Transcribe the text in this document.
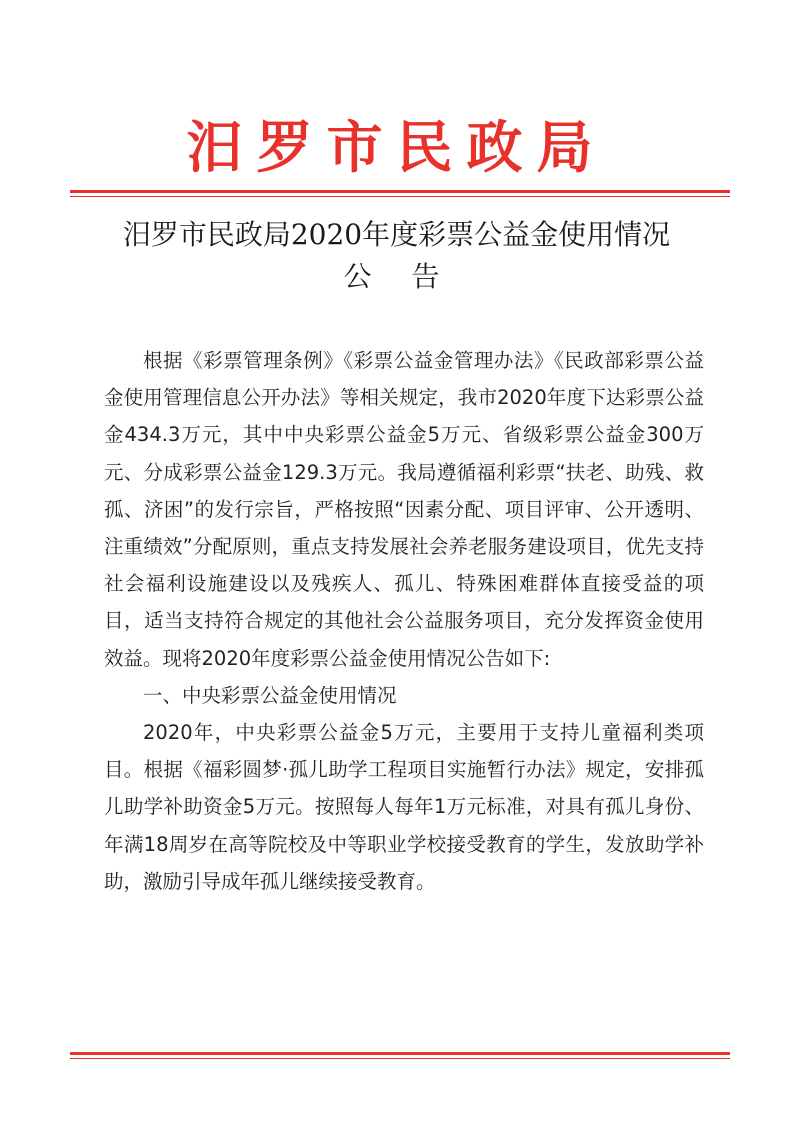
汨罗市民政局
汨罗市民政局2020年度彩票公益金使用情况
公告

根据《彩票管理条例》《彩票公益金管理办法》《民政部彩票公益金使用管理信息公开办法》等相关规定，我市2020年度下达彩票公益金434.3万元，其中中央彩票公益金5万元、省级彩票公益金300万元、分成彩票公益金129.3万元。我局遵循福利彩票“扶老、助残、救孤、济困”的发行宗旨，严格按照“因素分配、项目评审、公开透明、注重绩效”分配原则，重点支持发展社会养老服务建设项目，优先支持社会福利设施建设以及残疾人、孤儿、特殊困难群体直接受益的项目，适当支持符合规定的其他社会公益服务项目，充分发挥资金使用效益。现将2020年度彩票公益金使用情况公告如下:

一、中央彩票公益金使用情况

2020年，中央彩票公益金5万元，主要用于支持儿童福利类项目。根据《福彩圆梦·孤儿助学工程项目实施暂行办法》规定，安排孤儿助学补助资金5万元。按照每人每年1万元标准，对具有孤儿身份、年满18周岁在高等院校及中等职业学校接受教育的学生，发放助学补助，激励引导成年孤儿继续接受教育。
